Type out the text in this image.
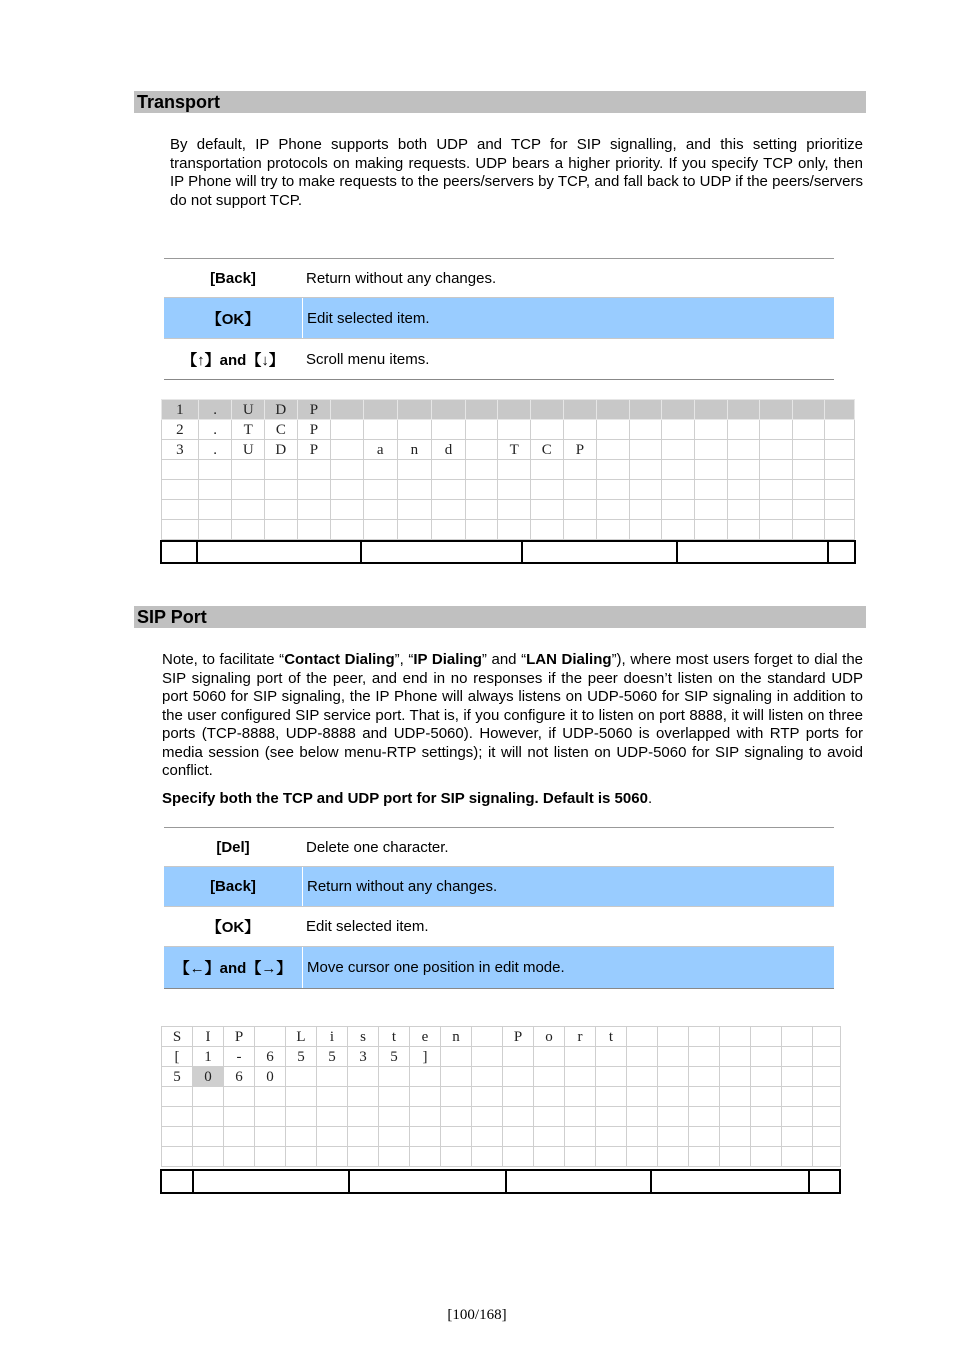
Transport

By default, IP Phone supports both UDP and TCP for SIP signalling, and this setting prioritize transportation protocols on making requests. UDP bears a higher priority. If you specify TCP only, then IP Phone will try to make requests to the peers/servers by TCP, and fall back to UDP if the peers/servers do not support TCP.

[Back]	Return without any changes.
【OK】	Edit selected item.
【↑】and【↓】	Scroll menu items.
1	.	U	D	P																
2	.	T	C	P																
3	.	U	D	P		a	n	d		T	C	P								

SIP Port

Note, to facilitate “Contact Dialing”, “IP Dialing” and “LAN Dialing”), where most users forget to dial the SIP signaling port of the peer, and end in no responses if the peer doesn’t listen on the standard UDP port 5060 for SIP signaling, the IP Phone will always listens on UDP-5060 for SIP signaling in addition to the user configured SIP service port. That is, if you configure it to listen on port 8888, it will listen on three ports (TCP-8888, UDP-8888 and UDP-5060). However, if UDP-5060 is overlapped with RTP ports for media session (see below menu-RTP settings); it will not listen on UDP-5060 for SIP signaling to avoid conflict.

Specify both the TCP and UDP port for SIP signaling. Default is 5060.

[Del]	Delete one character.
[Back]	Return without any changes.
【OK】	Edit selected item.
【←】and【→】	Move cursor one position in edit mode.
S	I	P		L	i	s	t	e	n		P	o	r	t							
[	1	-	6	5	5	3	5	]													
5	0	6	0																		

[100/168]
